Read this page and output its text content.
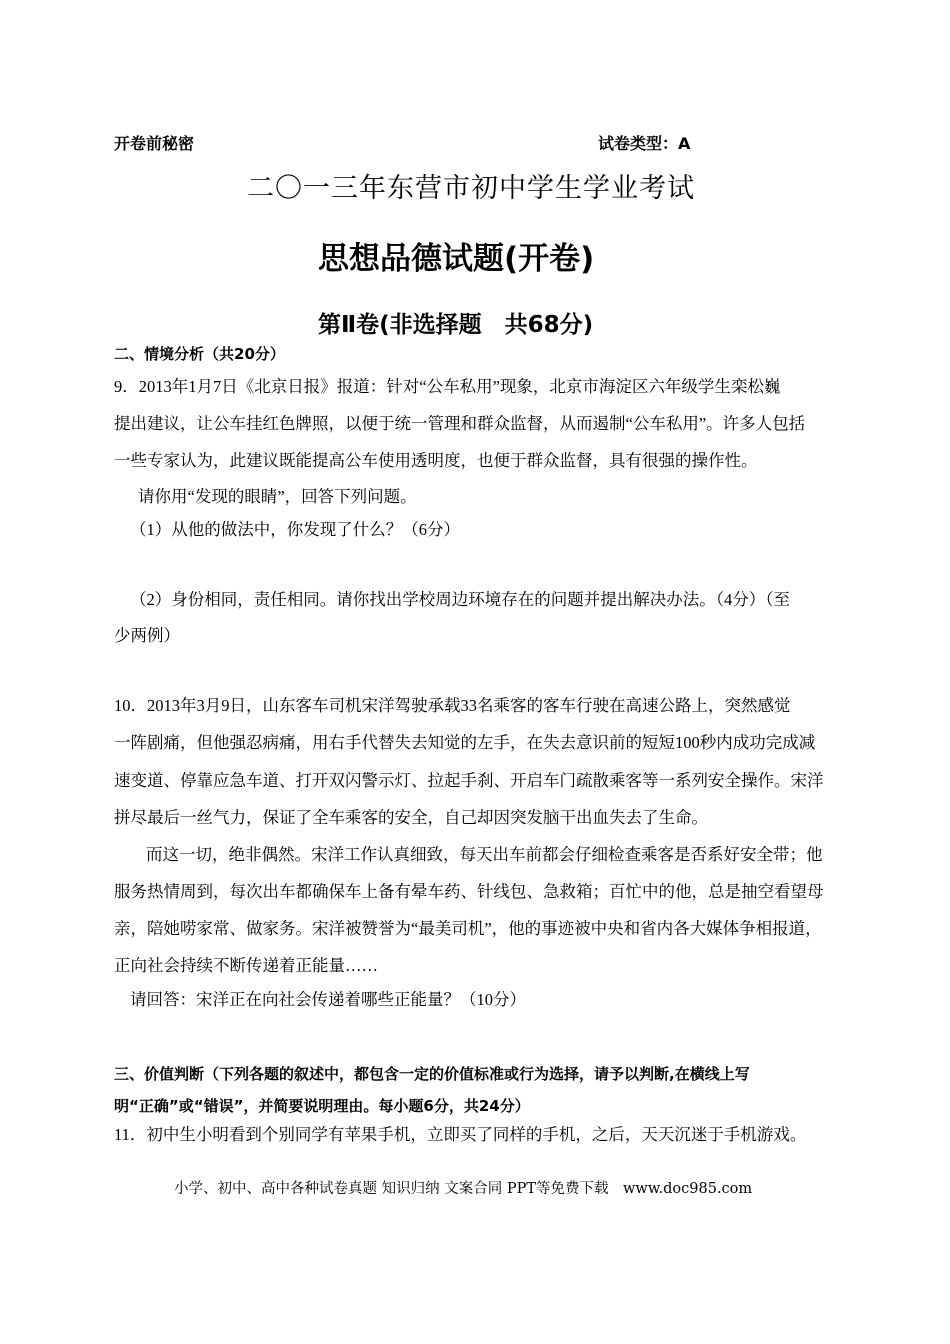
开卷前秘密	试卷类型：A
二〇一三年东营市初中学生学业考试
思想品德试题(开卷)
第Ⅱ卷(非选择题　共68分)
二、情境分析（共20分）
9．2013年1月7日《北京日报》报道：针对“公车私用”现象，北京市海淀区六年级学生栾松巍
提出建议，让公车挂红色牌照，以便于统一管理和群众监督，从而遏制“公车私用”。许多人包括
一些专家认为，此建议既能提高公车使用透明度，也便于群众监督，具有很强的操作性。
请你用“发现的眼睛”，回答下列问题。
（1）从他的做法中，你发现了什么？（6分）
（2）身份相同，责任相同。请你找出学校周边环境存在的问题并提出解决办法。（4分）（至
少两例）
10．2013年3月9日，山东客车司机宋洋驾驶承载33名乘客的客车行驶在高速公路上，突然感觉
一阵剧痛，但他强忍病痛，用右手代替失去知觉的左手，在失去意识前的短短100秒内成功完成减
速变道、停靠应急车道、打开双闪警示灯、拉起手刹、开启车门疏散乘客等一系列安全操作。宋洋
拼尽最后一丝气力，保证了全车乘客的安全，自己却因突发脑干出血失去了生命。
而这一切，绝非偶然。宋洋工作认真细致，每天出车前都会仔细检查乘客是否系好安全带；他
服务热情周到，每次出车都确保车上备有晕车药、针线包、急救箱；百忙中的他，总是抽空看望母
亲，陪她唠家常、做家务。宋洋被赞誉为“最美司机”，他的事迹被中央和省内各大媒体争相报道，
正向社会持续不断传递着正能量……
请回答：宋洋正在向社会传递着哪些正能量？（10分）
三、价值判断（下列各题的叙述中，都包含一定的价值标准或行为选择，请予以判断,在横线上写
明“正确”或“错误”，并简要说明理由。每小题6分，共24分）
11．初中生小明看到个别同学有苹果手机，立即买了同样的手机，之后，天天沉迷于手机游戏。
小学、初中、高中各种试卷真题 知识归纳 文案合同 PPT等免费下载　www.doc985.com
